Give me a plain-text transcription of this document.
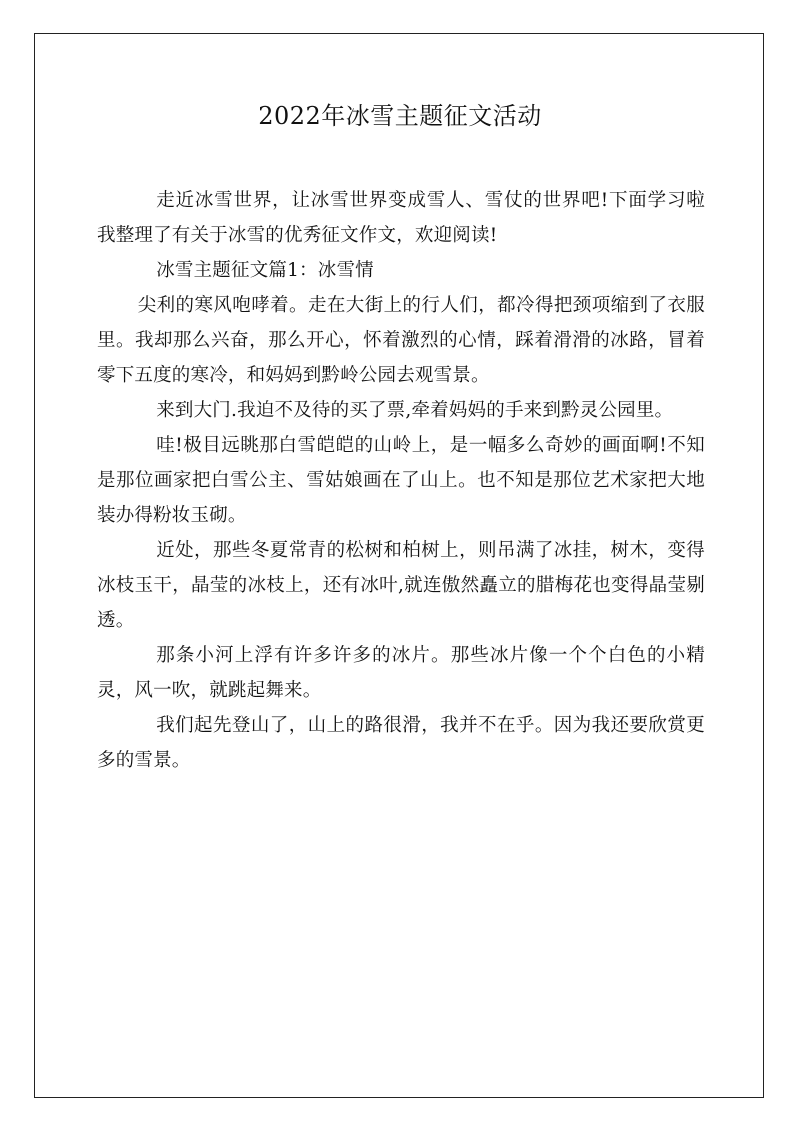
2022年冰雪主题征文活动

走近冰雪世界，让冰雪世界变成雪人、雪仗的世界吧!下面学习啦我整理了有关于冰雪的优秀征文作文，欢迎阅读!

冰雪主题征文篇1：冰雪情

尖利的寒风咆哮着。走在大街上的行人们，都冷得把颈项缩到了衣服里。我却那么兴奋，那么开心，怀着激烈的心情，踩着滑滑的冰路，冒着零下五度的寒冷，和妈妈到黔岭公园去观雪景。

来到大门.我迫不及待的买了票,牵着妈妈的手来到黔灵公园里。

哇!极目远眺那白雪皑皑的山岭上，是一幅多么奇妙的画面啊!不知是那位画家把白雪公主、雪姑娘画在了山上。也不知是那位艺术家把大地装办得粉妆玉砌。

近处，那些冬夏常青的松树和柏树上，则吊满了冰挂，树木，变得冰枝玉干，晶莹的冰枝上，还有冰叶,就连傲然矗立的腊梅花也变得晶莹剔透。

那条小河上浮有许多许多的冰片。那些冰片像一个个白色的小精灵，风一吹，就跳起舞来。

我们起先登山了，山上的路很滑，我并不在乎。因为我还要欣赏更多的雪景。
